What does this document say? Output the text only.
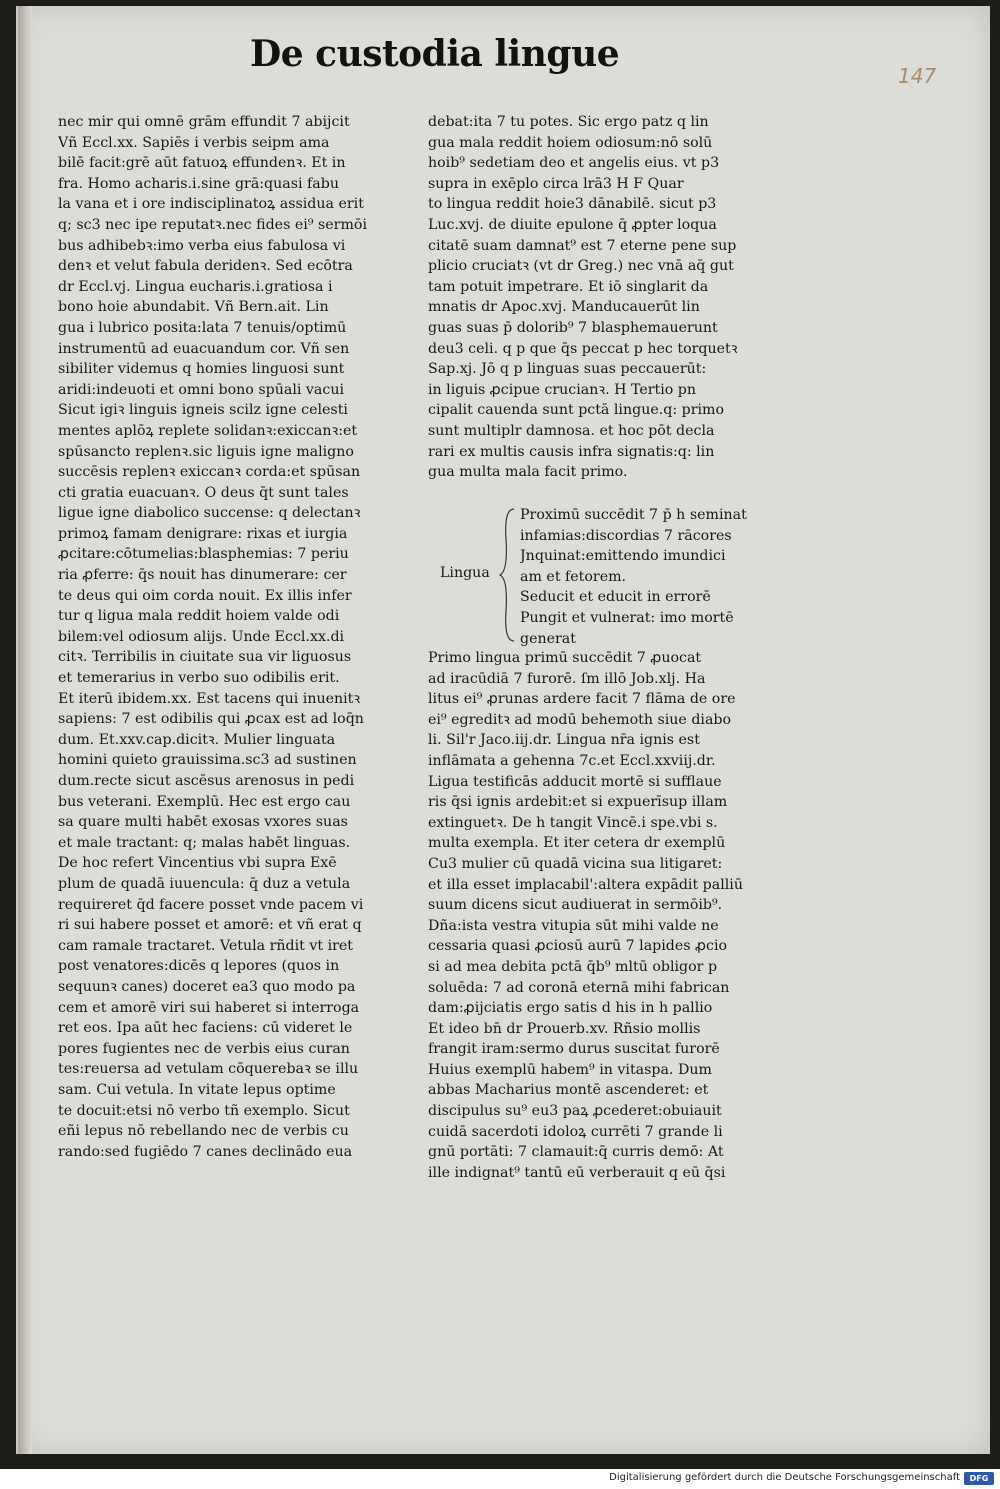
De custodia lingue
147
nec mir qui omnē grām effundit 7 abijcit
Vñ Eccl.xx. Sapiēs i verbis seipm ama
bilē facit:grē aūt fatuoꝝ effundenꝛ. Et in
fra. Homo acharis.i.sine grā:quasi fabu
la vana et i ore indisciplinatoꝝ assidua erit
q; sc3 nec ipe reputatꝛ.nec fides ei⁹ sermōi
bus adhibebꝛ:imo verba eius fabulosa vi
denꝛ et velut fabula deridenꝛ. Sed ecōtra
dr Eccl.vj. Lingua eucharis.i.gratiosa i
bono hoie abundabit. Vñ Bern.ait. Lin
gua i lubrico posita:lata 7 tenuis/optimū
instrumentū ad euacuandum cor. Vñ sen
sibiliter videmus q homies linguosi sunt
aridi:indeuoti et omni bono spūali vacui
Sicut igiꝛ linguis igneis scilz igne celesti
mentes aplōꝝ replete solidanꝛ:exiccanꝛ:et
spūsancto replenꝛ.sic liguis igne maligno
succēsis replenꝛ exiccanꝛ corda:et spūsan
cti gratia euacuanꝛ. O deus q̄t sunt tales
ligue igne diabolico succense: q delectanꝛ
primoꝝ famam denigrare: rixas et iurgia
ꝓcitare:cōtumelias:blasphemias: 7 periu
ria ꝓferre: q̄s nouit has dinumerare: cer
te deus qui oim corda nouit. Ex illis infer
tur q ligua mala reddit hoiem valde odi
bilem:vel odiosum alijs. Unde Eccl.xx.di
citꝛ. Terribilis in ciuitate sua vir liguosus
et temerarius in verbo suo odibilis erit.
Et iterū ibidem.xx. Est tacens qui inuenitꝛ
sapiens: 7 est odibilis qui ꝓcax est ad loq̄n
dum. Et.xxv.cap.dicitꝛ. Mulier linguata
homini quieto grauissima.sc3 ad sustinen
dum.recte sicut ascēsus arenosus in pedi
bus veterani. Exemplū. Hec est ergo cau
sa quare multi habēt exosas vxores suas
et male tractant: q; malas habēt linguas.
De hoc refert Vincentius vbi supra Exē
plum de quadā iuuencula: q̄ duz a vetula
requireret q̄d facere posset vnde pacem vi
ri sui habere posset et amorē: et vñ erat q
cam ramale tractaret. Vetula rñdit vt iret
post venatores:dicēs q lepores (quos in
sequunꝛ canes) doceret ea3 quo modo pa
cem et amorē viri sui haberet si interroga
ret eos. Ipa aūt hec faciens: cū videret le
pores fugientes nec de verbis eius curan
tes:reuersa ad vetulam cōquerebaꝛ se illu
sam. Cui vetula. In vitate lepus optime
te docuit:etsi nō verbo tñ exemplo. Sicut
eñi lepus nō rebellando nec de verbis cu
rando:sed fugiēdo 7 canes declinādo eua
debat:ita 7 tu potes. Sic ergo patz q lin
gua mala reddit hoiem odiosum:nō solū
hoib⁹ sedetiam deo et angelis eius. vt p3
supra in exēplo circa lrā3 H F Quar
to lingua reddit hoie3 dānabilē. sicut p3
Luc.xvj. de diuite epulone q̄ ꝓpter loqua
citatē suam damnat⁹ est 7 eterne pene sup
plicio cruciatꝛ (vt dr Greg.) nec vnā aq̄ gut
tam potuit impetrare. Et iō singlarit da
mnatis dr Apoc.xvj. Manducauerūt lin
guas suas p̄ dolorib⁹ 7 blasphemauerunt
deu3 celi. q p que q̄s peccat p hec torquetꝛ
Sap.xj. Jō q p linguas suas peccauerūt:
in liguis ꝓcipue crucianꝛ. H Tertio pn
cipalit cauenda sunt pctā lingue.q: primo
sunt multiplr damnosa. et hoc pōt decla
rari ex multis causis infra signatis:q: lin
gua multa mala facit primo.
Lingua
Proximū succēdit 7 p̄ h seminat
infamias:discordias 7 rācores
Jnquinat:emittendo imundici
am et fetorem.
Seducit et educit in errorē
Pungit et vulnerat: imo mortē
generat
Primo lingua primū succēdit 7 ꝓuocat
ad iracūdiā 7 furorē. ſm illō Job.xlj. Ha
litus ei⁹ ꝓrunas ardere facit 7 flāma de ore
ei⁹ egreditꝛ ad modū behemoth siue diabo
li. Sil'r Jaco.iij.dr. Lingua nr̄a ignis est
inflāmata a gehenna 7c.et Eccl.xxviij.dr.
Ligua testificās adducit mortē si sufflaue
ris q̄si ignis ardebit:et si expuerīsup illam
extinguetꝛ. De h tangit Vincē.i spe.vbi s.
multa exempla. Et iter cetera dr exemplū
Cu3 mulier cū quadā vicina sua litigaret:
et illa esset implacabil':altera expādit palliū
suum dicens sicut audiuerat in sermōib⁹.
Dña:ista vestra vitupia sūt mihi valde ne
cessaria quasi ꝓciosū aurū 7 lapides ꝓcio
si ad mea debita pctā q̄b⁹ mltū obligor p
soluēda: 7 ad coronā eternā mihi fabrican
dam:ꝓijciatis ergo satis d his in h pallio
Et ideo bn̄ dr Prouerb.xv. Rñsio mollis
frangit iram:sermo durus suscitat furorē
Huius exemplū habem⁹ in vitaspa. Dum
abbas Macharius montē ascenderet: et
discipulus su⁹ eu3 paꝝ ꝓcederet:obuiauit
cuidā sacerdoti idoloꝝ currēti 7 grande li
gnū portāti: 7 clamauit:q̄ curris demō: At
ille indignat⁹ tantū eū verberauit q eū q̄si
Digitalisierung gefördert durch die Deutsche Forschungsgemeinschaft	DFG
